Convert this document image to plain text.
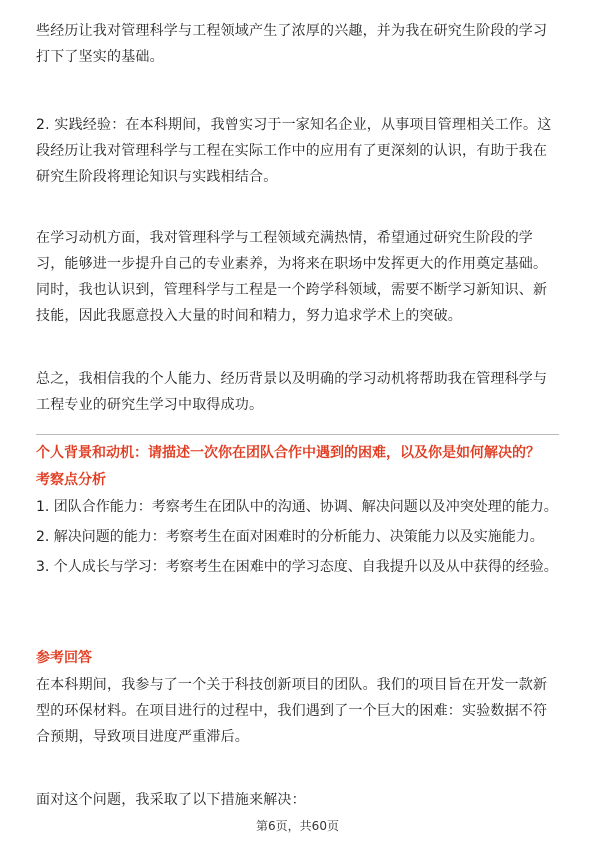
些经历让我对管理科学与工程领域产生了浓厚的兴趣，并为我在研究生阶段的学习打下了坚实的基础。

2. 实践经验：在本科期间，我曾实习于一家知名企业，从事项目管理相关工作。这段经历让我对管理科学与工程在实际工作中的应用有了更深刻的认识，有助于我在研究生阶段将理论知识与实践相结合。

在学习动机方面，我对管理科学与工程领域充满热情，希望通过研究生阶段的学习，能够进一步提升自己的专业素养，为将来在职场中发挥更大的作用奠定基础。同时，我也认识到，管理科学与工程是一个跨学科领域，需要不断学习新知识、新技能，因此我愿意投入大量的时间和精力，努力追求学术上的突破。

总之，我相信我的个人能力、经历背景以及明确的学习动机将帮助我在管理科学与工程专业的研究生学习中取得成功。

个人背景和动机：请描述一次你在团队合作中遇到的困难，以及你是如何解决的？

考察点分析

1. 团队合作能力：考察考生在团队中的沟通、协调、解决问题以及冲突处理的能力。
2. 解决问题的能力：考察考生在面对困难时的分析能力、决策能力以及实施能力。
3. 个人成长与学习：考察考生在困难中的学习态度、自我提升以及从中获得的经验。

参考回答

在本科期间，我参与了一个关于科技创新项目的团队。我们的项目旨在开发一款新型的环保材料。在项目进行的过程中，我们遇到了一个巨大的困难：实验数据不符合预期，导致项目进度严重滞后。

面对这个问题，我采取了以下措施来解决：

第6页，共60页
